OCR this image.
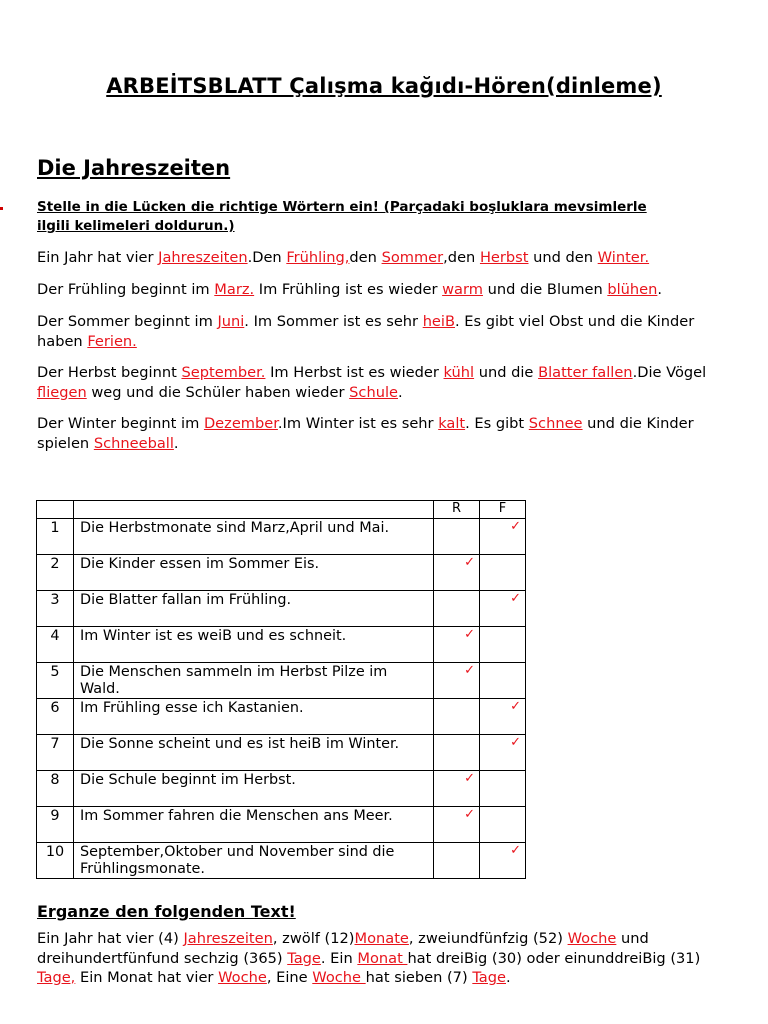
ARBEİTSBLATT Çalışma kağıdı-Hören(dinleme)
Die Jahreszeiten
Stelle in die Lücken die richtige Wörtern ein! (Parçadaki boşluklara mevsimlerle ilgili kelimeleri doldurun.)
Ein Jahr hat vier Jahreszeiten.Den Frühling,den Sommer,den Herbst und den Winter.
Der Frühling beginnt im Marz. Im Frühling ist es wieder warm und die Blumen blühen.
Der Sommer beginnt im Juni. Im Sommer ist es sehr heiB. Es gibt viel Obst und die Kinder haben Ferien.
Der Herbst beginnt September. Im Herbst ist es wieder kühl und die Blatter fallen.Die Vögel fliegen weg und die Schüler haben wieder Schule.
Der Winter beginnt im Dezember.Im Winter ist es sehr kalt. Es gibt Schnee und die Kinder spielen Schneeball.
		R	F
1	Die Herbstmonate sind Marz,April und Mai.		✓

2	Die Kinder essen im Sommer Eis.	✓	

3	Die Blatter fallan im Frühling.		✓

4	Im Winter ist es weiB und es schneit.	✓	

5	Die Menschen sammeln im Herbst Pilze im Wald.	✓	

6	Im Frühling esse ich Kastanien.		✓

7	Die Sonne scheint und es ist heiB im Winter.		✓

8	Die Schule beginnt im Herbst.	✓	

9	Im Sommer fahren die Menschen ans Meer.	✓	

10	September,Oktober und November sind die Frühlingsmonate.		✓
Erganze den folgenden Text!
Ein Jahr hat vier (4) Jahreszeiten, zwölf (12)Monate, zweiundfünfzig (52) Woche und dreihundertfünfund sechzig (365) Tage. Ein Monat hat dreiBig (30) oder einunddreiBig (31) Tage, Ein Monat hat vier Woche, Eine Woche hat sieben (7) Tage.
